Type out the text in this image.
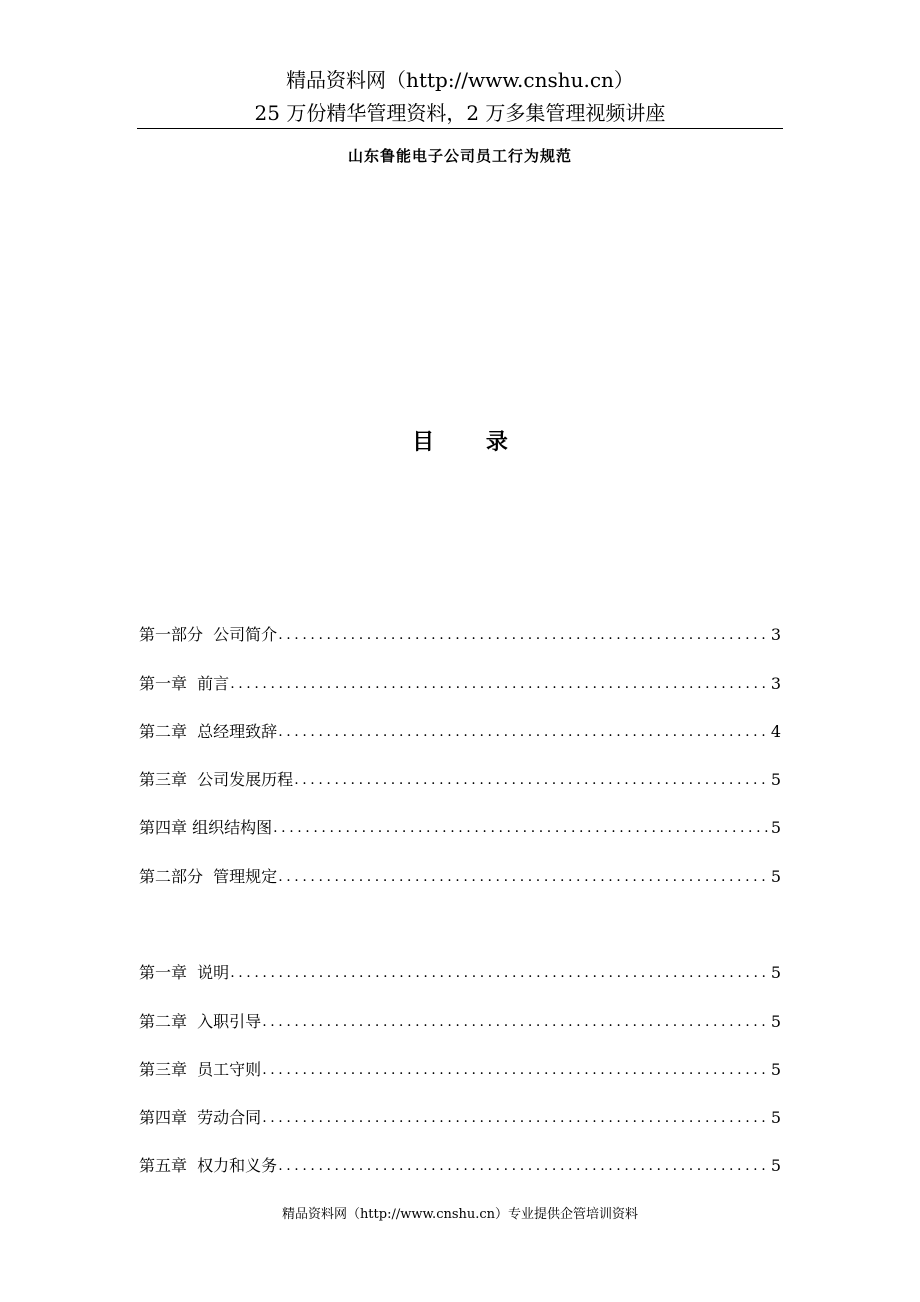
精品资料网（http://www.cnshu.cn）
25 万份精华管理资料，2 万多集管理视频讲座
山东鲁能电子公司员工行为规范
目 录
第一部分  公司简介 .....	3
第一章  前言 .....	3
第二章  总经理致辞 .....	4
第三章  公司发展历程 .....	5
第四章 组织结构图 .....	5
第二部分  管理规定 .....	5
第一章  说明 .....	5
第二章  入职引导 .....	5
第三章  员工守则 .....	5
第四章  劳动合同 .....	5
第五章  权力和义务 .....	5
精品资料网（http://www.cnshu.cn）专业提供企管培训资料
